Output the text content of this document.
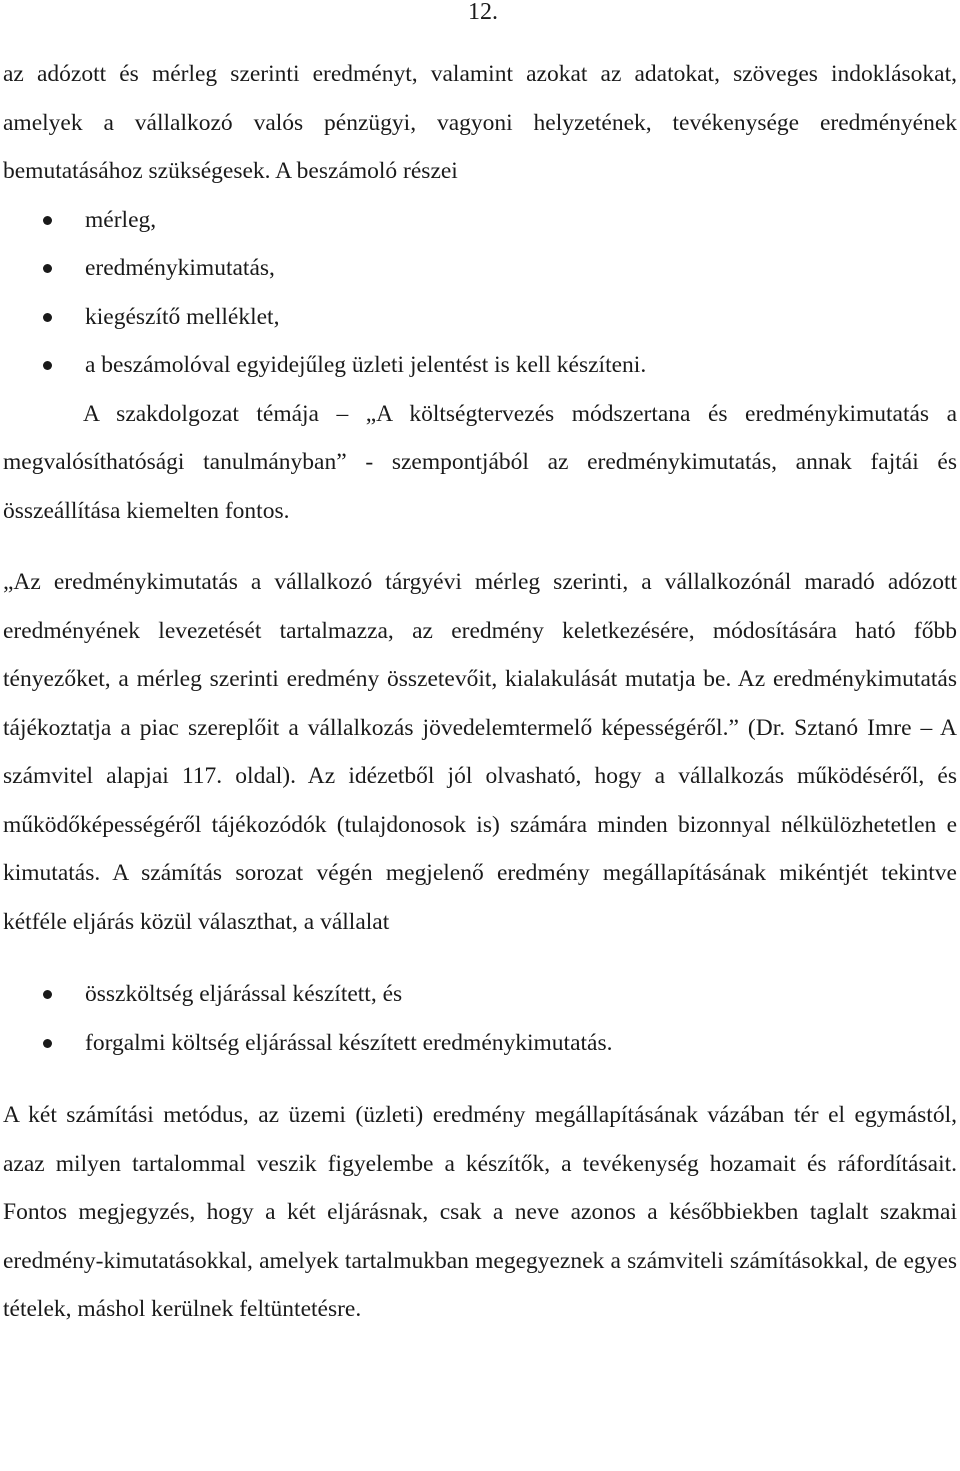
12.

az adózott és mérleg szerinti eredményt, valamint azokat az adatokat, szöveges indoklásokat, amelyek a vállalkozó valós pénzügyi, vagyoni helyzetének, tevékenysége eredményének bemutatásához szükségesek. A beszámoló részei

mérleg,
eredménykimutatás,
kiegészítő melléklet,
a beszámolóval egyidejűleg üzleti jelentést is kell készíteni.

A szakdolgozat témája – „A költségtervezés módszertana és eredménykimutatás a megvalósíthatósági tanulmányban” - szempontjából az eredménykimutatás, annak fajtái és összeállítása kiemelten fontos.

„Az eredménykimutatás a vállalkozó tárgyévi mérleg szerinti, a vállalkozónál maradó adózott eredményének levezetését tartalmazza, az eredmény keletkezésére, módosítására ható főbb tényezőket, a mérleg szerinti eredmény összetevőit, kialakulását mutatja be. Az eredménykimutatás tájékoztatja a piac szereplőit a vállalkozás jövedelemtermelő képességéről.” (Dr. Sztanó Imre – A számvitel alapjai 117. oldal). Az idézetből jól olvasható, hogy a vállalkozás működéséről, és működőképességéről tájékozódók (tulajdonosok is) számára minden bizonnyal nélkülözhetetlen e kimutatás. A számítás sorozat végén megjelenő eredmény megállapításának mikéntjét tekintve kétféle eljárás közül választhat, a vállalat

összköltség eljárással készített, és
forgalmi költség eljárással készített eredménykimutatás.

A két számítási metódus, az üzemi (üzleti) eredmény megállapításának vázában tér el egymástól, azaz milyen tartalommal veszik figyelembe a készítők, a tevékenység hozamait és ráfordításait. Fontos megjegyzés, hogy a két eljárásnak, csak a neve azonos a későbbiekben taglalt szakmai eredmény-kimutatásokkal, amelyek tartalmukban megegyeznek a számviteli számításokkal, de egyes tételek, máshol kerülnek feltüntetésre.
